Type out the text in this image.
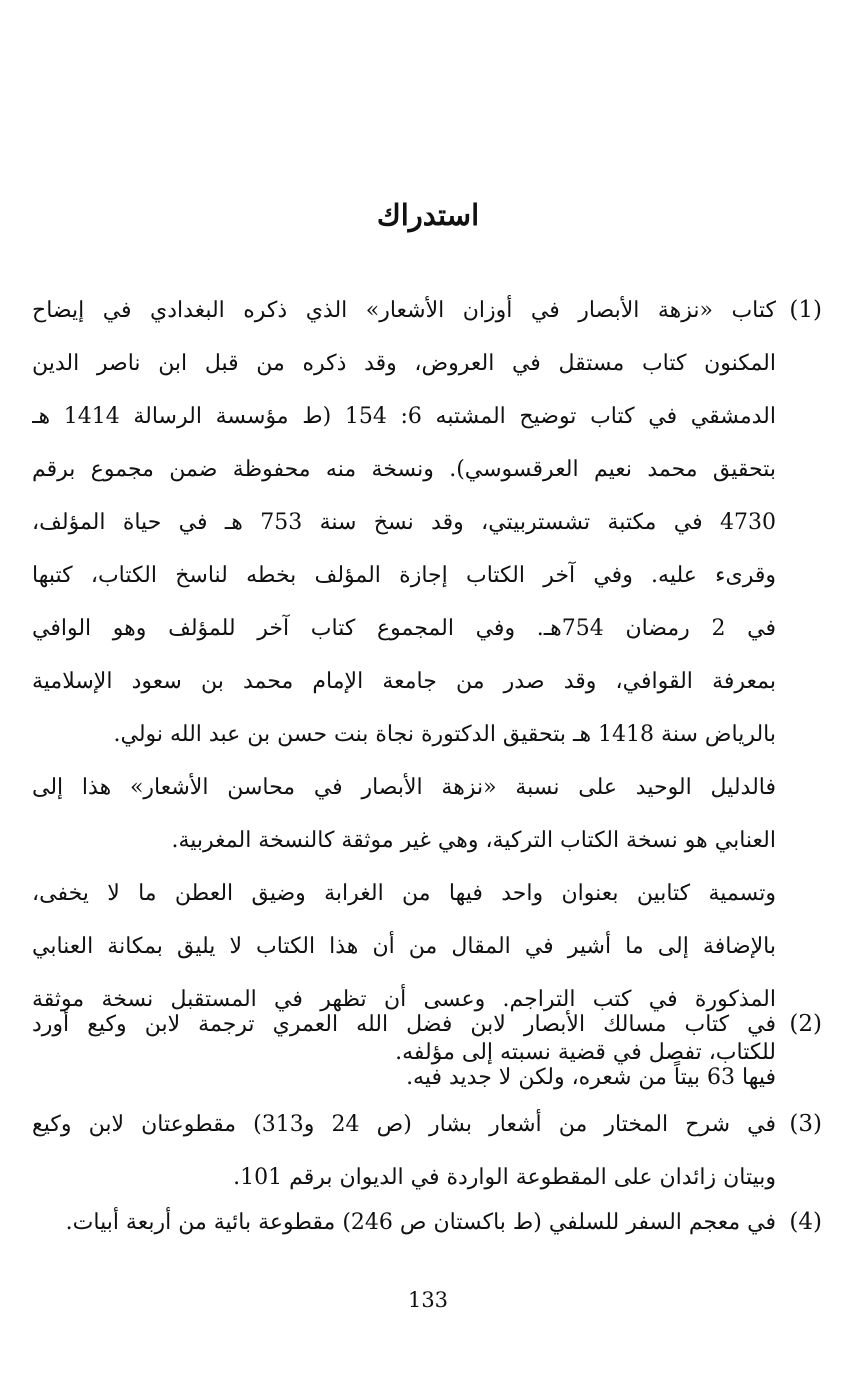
استدراك
(1)
كتاب «نزهة الأبصار في أوزان الأشعار» الذي ذكره البغدادي في إيضاح
المكنون كتاب مستقل في العروض، وقد ذكره من قبل ابن ناصر الدين
الدمشقي في كتاب توضيح المشتبه 6: 154 (ط مؤسسة الرسالة 1414 هـ
بتحقيق محمد نعيم العرقسوسي). ونسخة منه محفوظة ضمن مجموع برقم
4730 في مكتبة تشستربيتي، وقد نسخ سنة 753 هـ في حياة المؤلف،
وقرىء عليه. وفي آخر الكتاب إجازة المؤلف بخطه لناسخ الكتاب، كتبها
في 2 رمضان 754هـ. وفي المجموع كتاب آخر للمؤلف وهو الوافي
بمعرفة القوافي، وقد صدر من جامعة الإمام محمد بن سعود الإسلامية
بالرياض سنة 1418 هـ بتحقيق الدكتورة نجاة بنت حسن بن عبد الله نولي.
فالدليل الوحيد على نسبة «نزهة الأبصار في محاسن الأشعار» هذا إلى
العنابي هو نسخة الكتاب التركية، وهي غير موثقة كالنسخة المغربية.
وتسمية كتابين بعنوان واحد فيها من الغرابة وضيق العطن ما لا يخفى،
بالإضافة إلى ما أشير في المقال من أن هذا الكتاب لا يليق بمكانة العنابي
المذكورة في كتب التراجم. وعسى أن تظهر في المستقبل نسخة موثقة
للكتاب، تفصل في قضية نسبته إلى مؤلفه.
(2)
في كتاب مسالك الأبصار لابن فضل الله العمري ترجمة لابن وكيع أورد
فيها 63 بيتاً من شعره، ولكن لا جديد فيه.
(3)
في شرح المختار من أشعار بشار (ص 24 و313) مقطوعتان لابن وكيع
وبيتان زائدان على المقطوعة الواردة في الديوان برقم 101.
(4)
في معجم السفر للسلفي (ط باكستان ص 246) مقطوعة بائية من أربعة أبيات.
133
